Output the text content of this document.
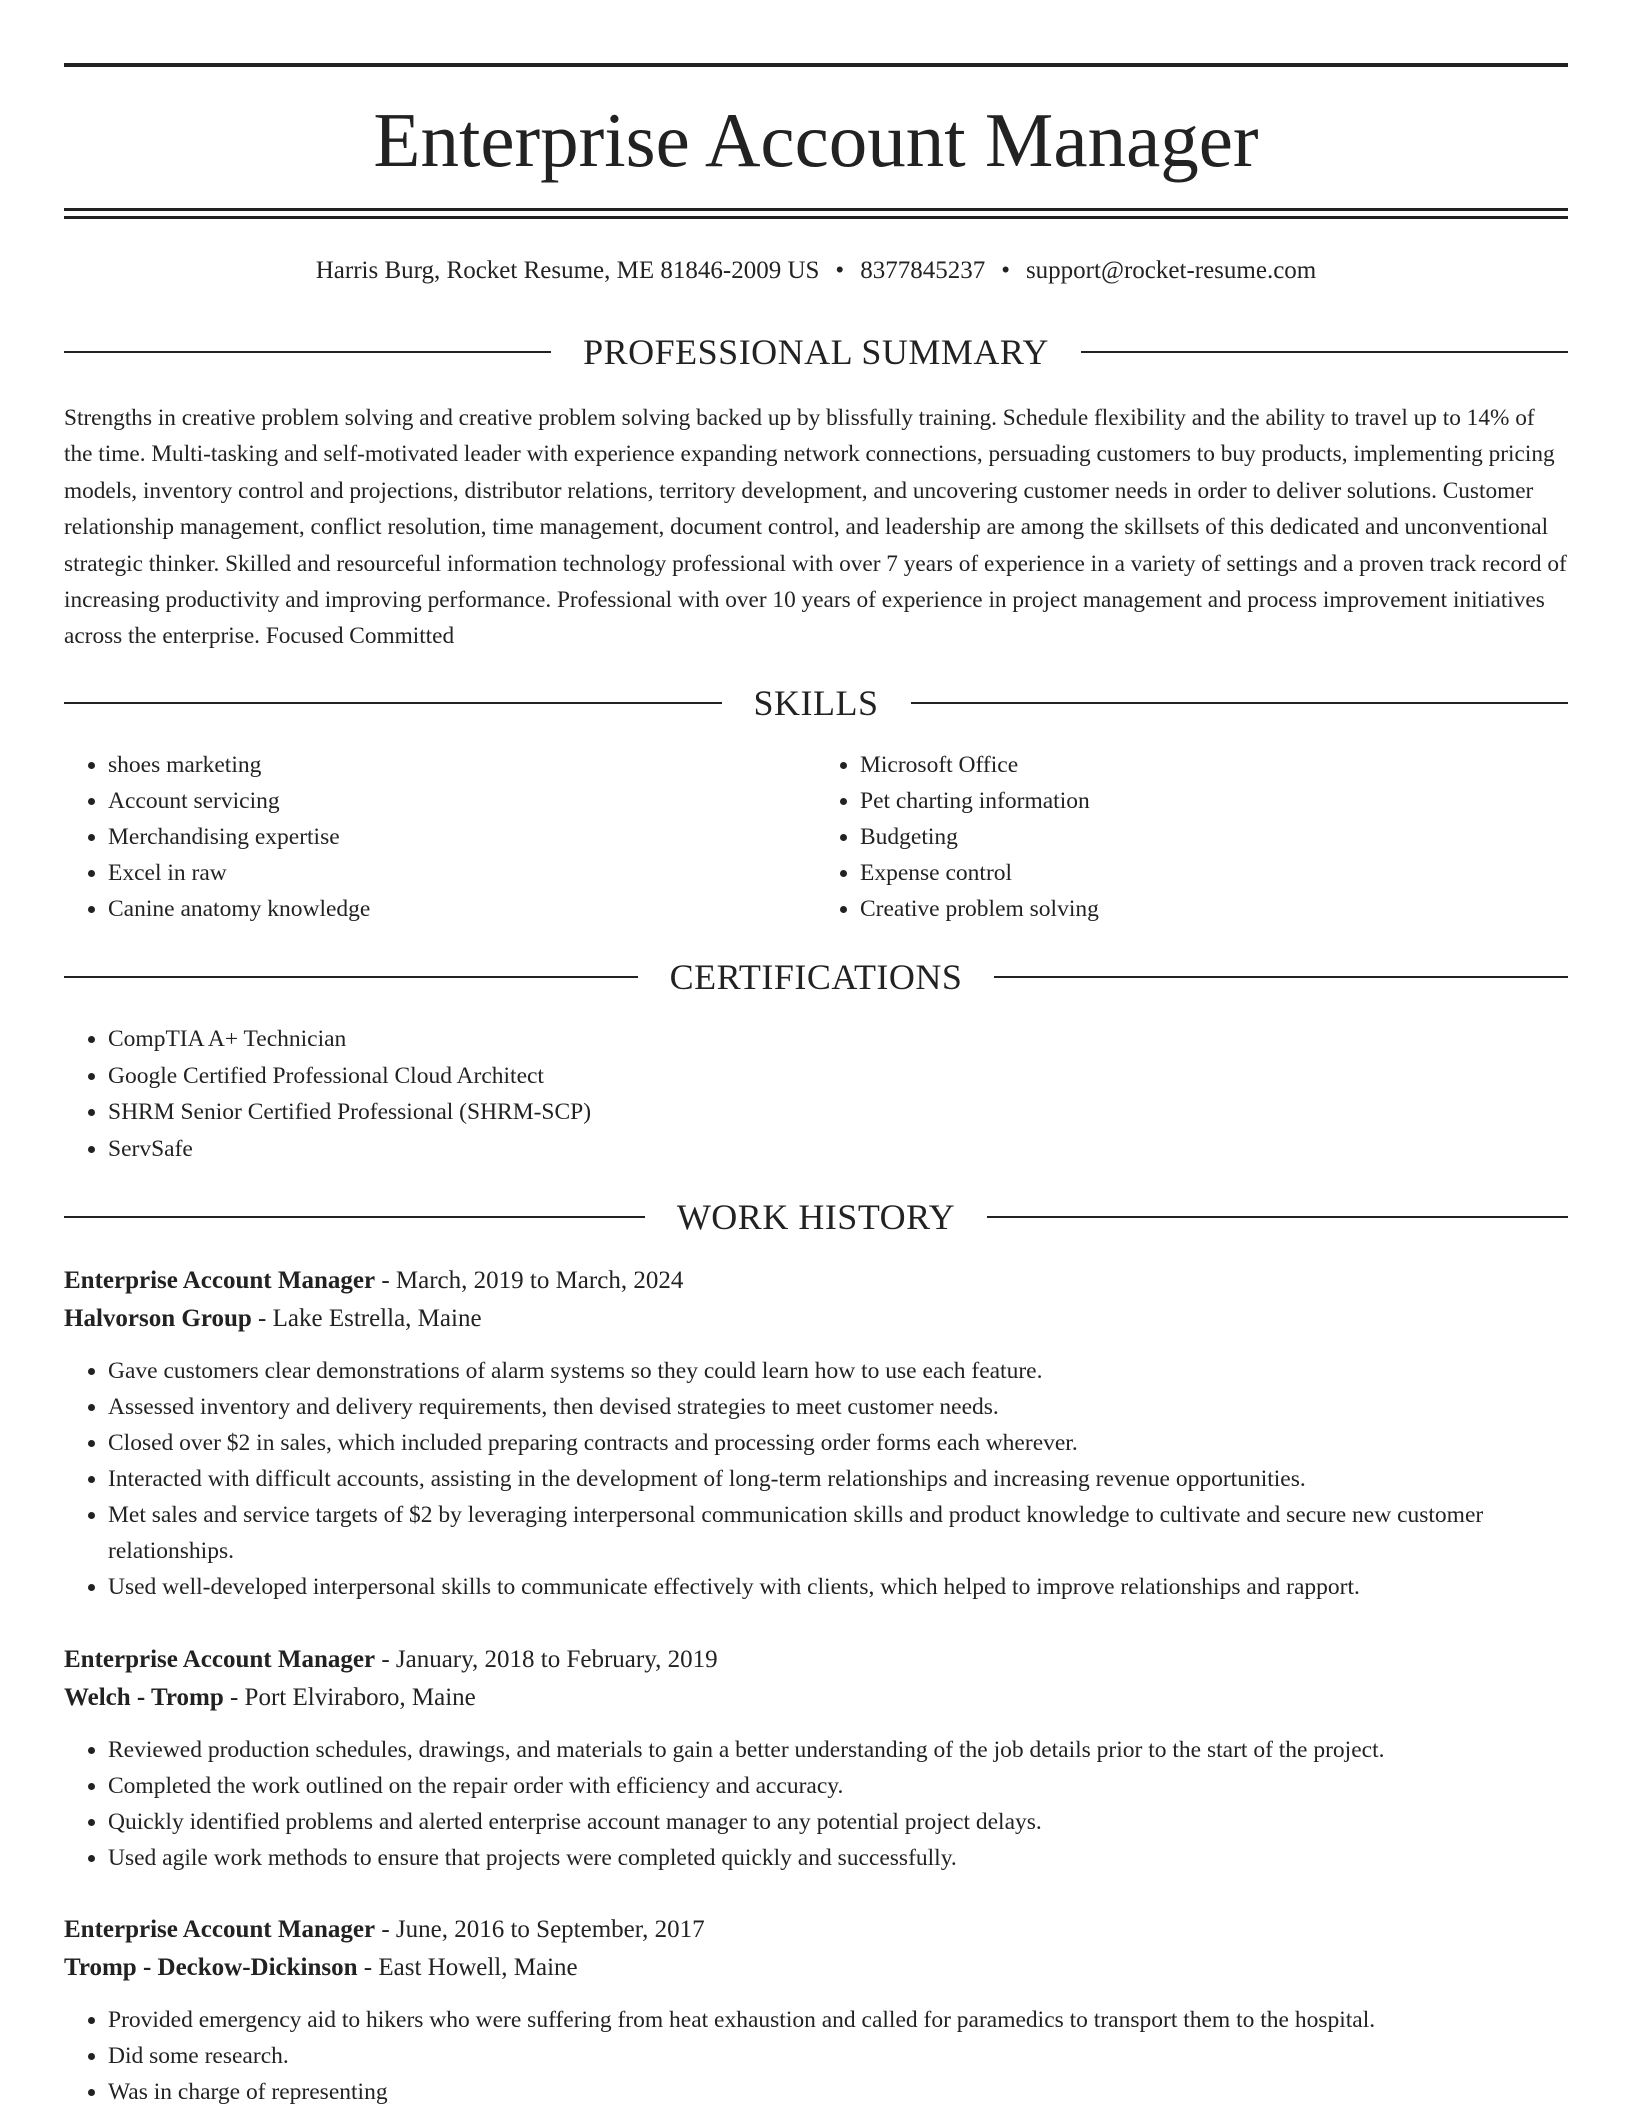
Enterprise Account Manager
Harris Burg, Rocket Resume, ME 81846-2009 US • 8377845237 • support@rocket-resume.com
PROFESSIONAL SUMMARY

Strengths in creative problem solving and creative problem solving backed up by blissfully training. Schedule flexibility and the ability to travel up to 14% of the time. Multi-tasking and self-motivated leader with experience expanding network connections, persuading customers to buy products, implementing pricing models, inventory control and projections, distributor relations, territory development, and uncovering customer needs in order to deliver solutions. Customer relationship management, conflict resolution, time management, document control, and leadership are among the skillsets of this dedicated and unconventional strategic thinker. Skilled and resourceful information technology professional with over 7 years of experience in a variety of settings and a proven track record of increasing productivity and improving performance. Professional with over 10 years of experience in project management and process improvement initiatives across the enterprise. Focused Committed

SKILLS
• shoes marketing
• Account servicing
• Merchandising expertise
• Excel in raw
• Canine anatomy knowledge
• Microsoft Office
• Pet charting information
• Budgeting
• Expense control
• Creative problem solving
CERTIFICATIONS
• CompTIA A+ Technician
• Google Certified Professional Cloud Architect
• SHRM Senior Certified Professional (SHRM-SCP)
• ServSafe
WORK HISTORY
Enterprise Account Manager - March, 2019 to March, 2024
Halvorson Group - Lake Estrella, Maine
• Gave customers clear demonstrations of alarm systems so they could learn how to use each feature.
• Assessed inventory and delivery requirements, then devised strategies to meet customer needs.
• Closed over $2 in sales, which included preparing contracts and processing order forms each wherever.
• Interacted with difficult accounts, assisting in the development of long-term relationships and increasing revenue opportunities.
• Met sales and service targets of $2 by leveraging interpersonal communication skills and product knowledge to cultivate and secure new customer relationships.
• Used well-developed interpersonal skills to communicate effectively with clients, which helped to improve relationships and rapport.
Enterprise Account Manager - January, 2018 to February, 2019
Welch - Tromp - Port Elviraboro, Maine
• Reviewed production schedules, drawings, and materials to gain a better understanding of the job details prior to the start of the project.
• Completed the work outlined on the repair order with efficiency and accuracy.
• Quickly identified problems and alerted enterprise account manager to any potential project delays.
• Used agile work methods to ensure that projects were completed quickly and successfully.
Enterprise Account Manager - June, 2016 to September, 2017
Tromp - Deckow-Dickinson - East Howell, Maine
• Provided emergency aid to hikers who were suffering from heat exhaustion and called for paramedics to transport them to the hospital.
• Did some research.
• Was in charge of representing
